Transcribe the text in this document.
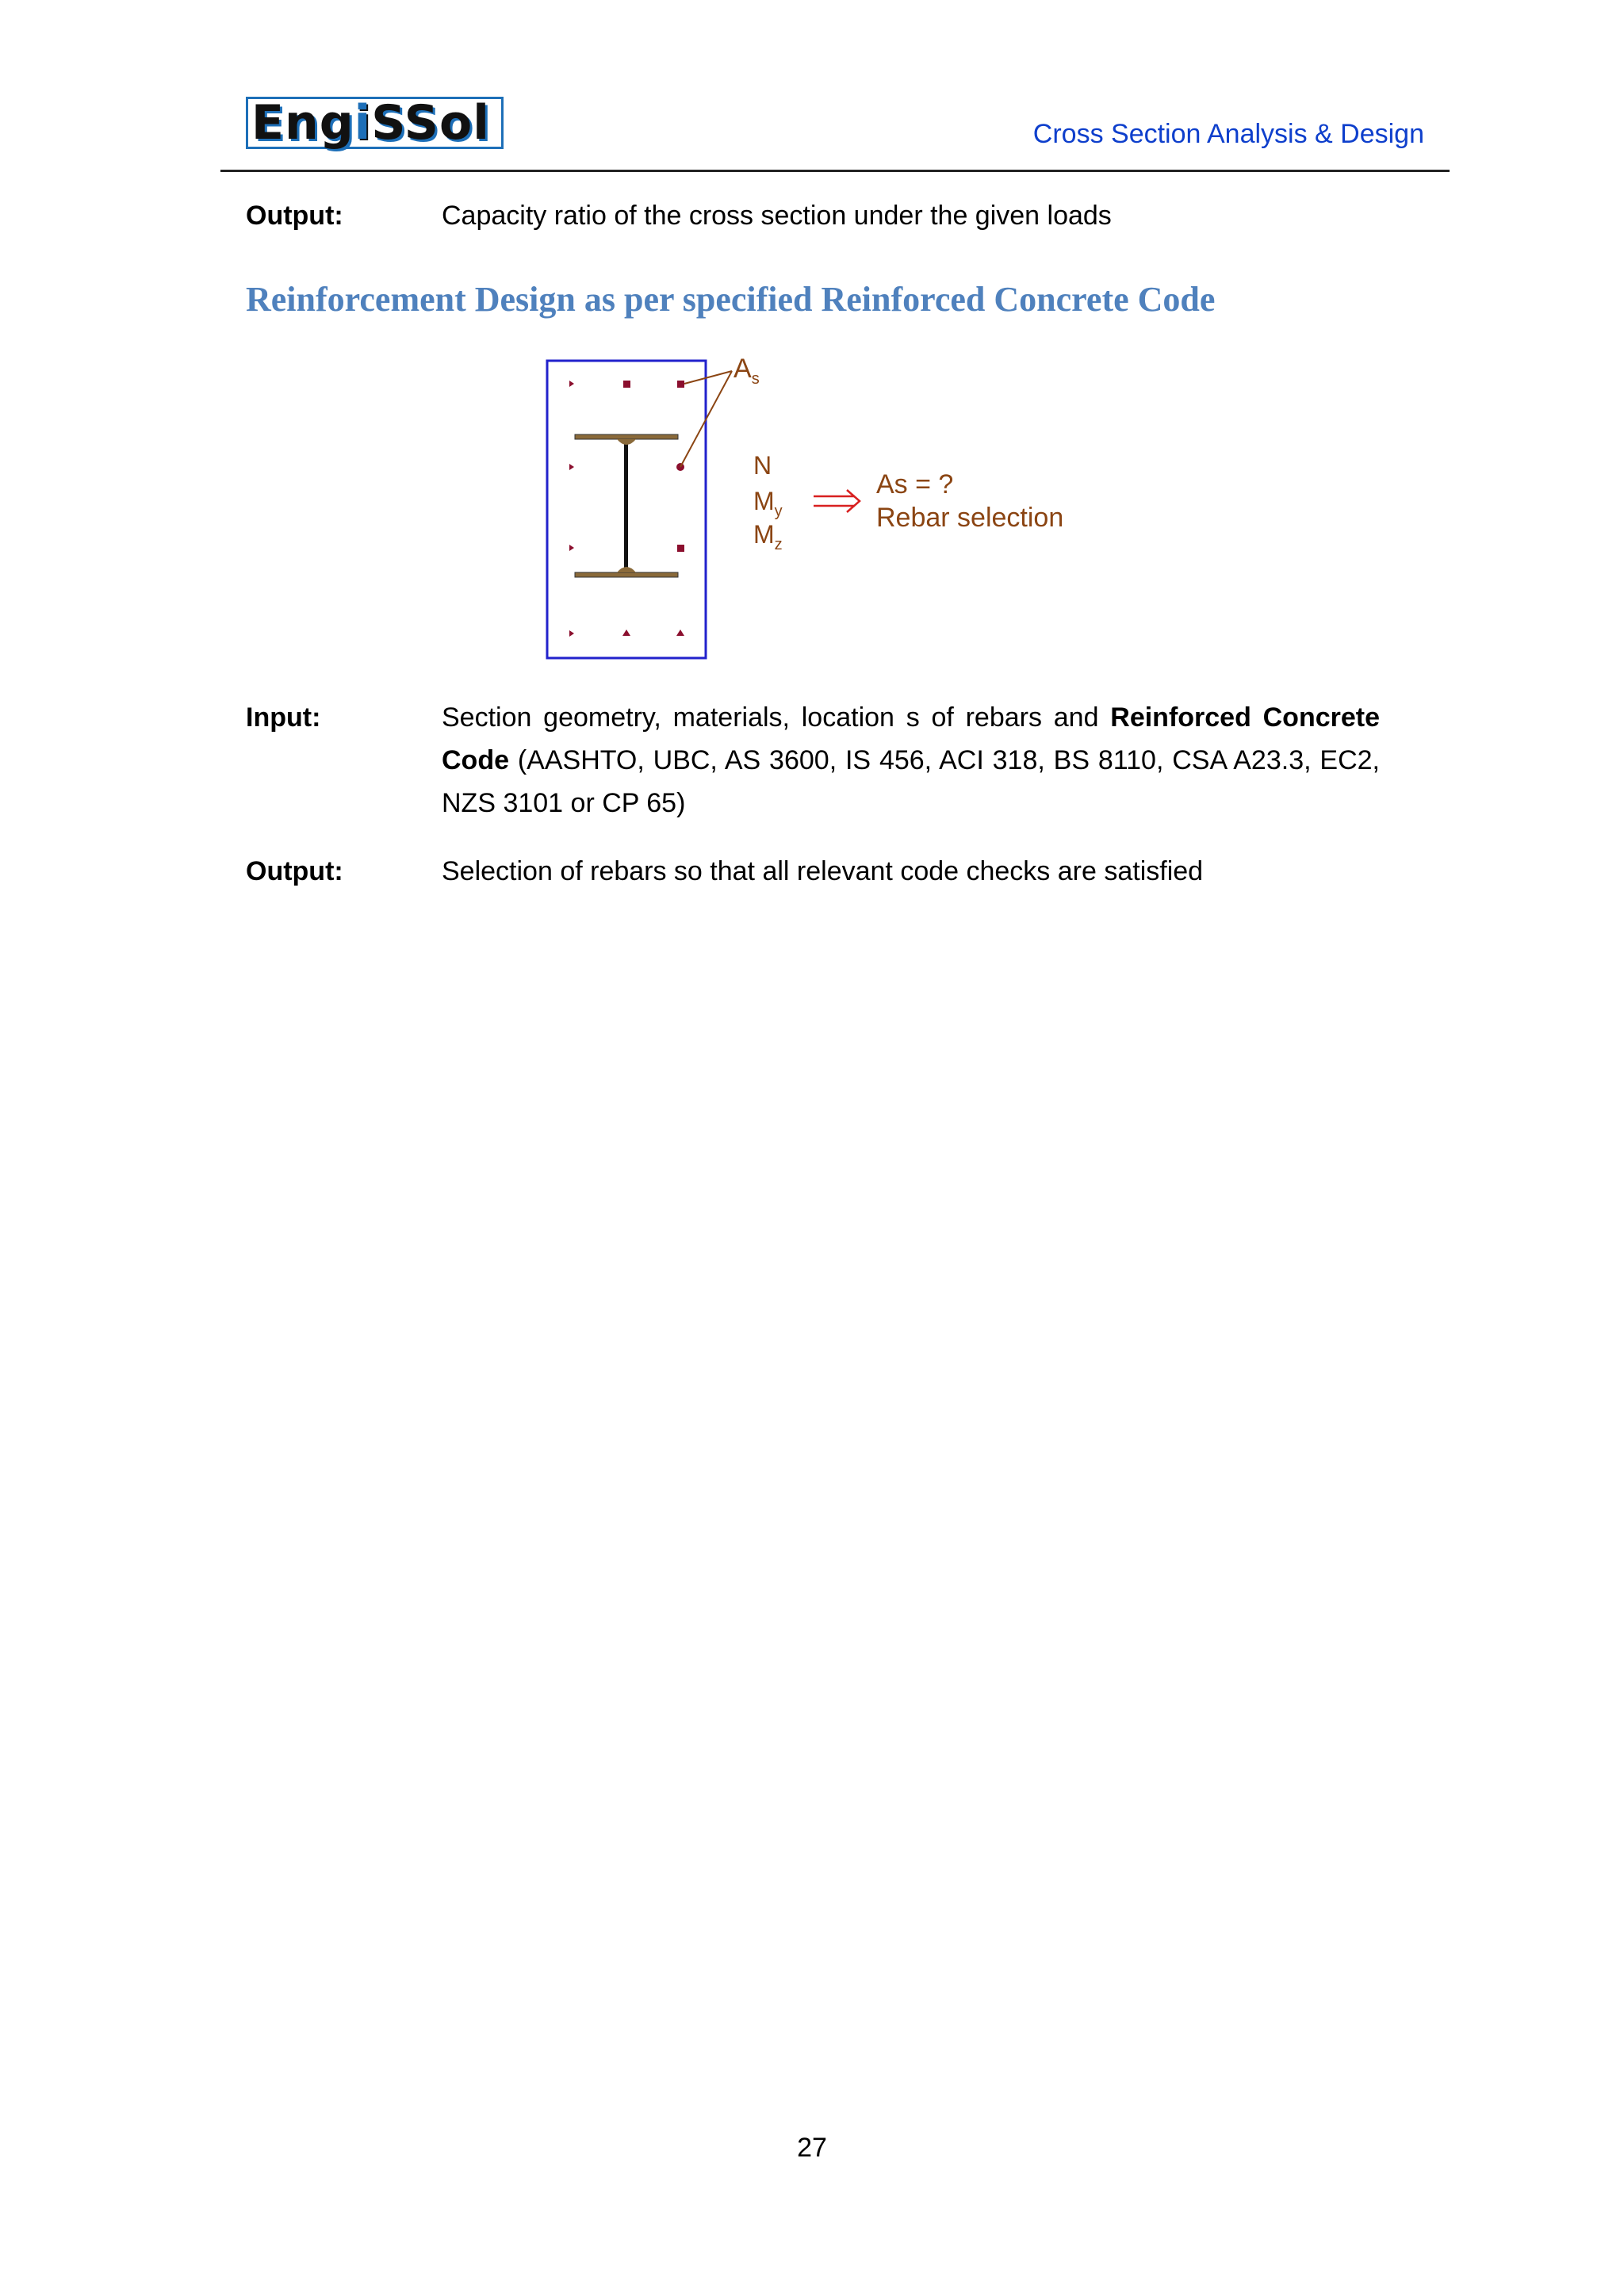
EngiSSol	Cross Section Analysis & Design
Output:	Capacity ratio of the cross section under the given loads
Reinforcement Design as per specified Reinforced Concrete Code
$A_s$
N
$M_y$
$M_z$
As = ?
Rebar selection
Input:	Section geometry, materials, location s of rebars and Reinforced Concrete Code (AASHTO, UBC, AS 3600, IS 456, ACI 318, BS 8110, CSA A23.3, EC2, NZS 3101 or CP 65)
Output:	Selection of rebars so that all relevant code checks are satisfied
27
